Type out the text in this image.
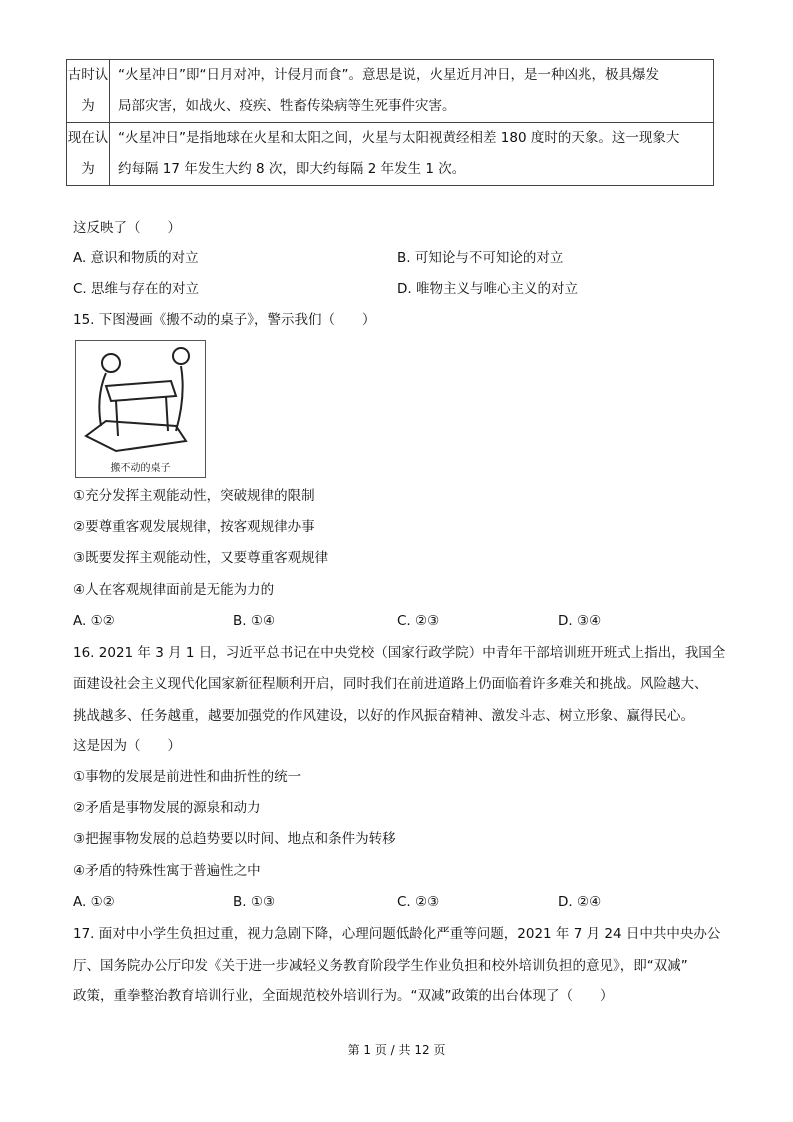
古时认为	“火星冲日”即“日月对冲，计侵月而食”。意思是说，火星近月冲日，是一种凶兆，极具爆发
局部灾害，如战火、疫疾、牲畜传染病等生死事件灾害。

现在认为	“火星冲日”是指地球在火星和太阳之间，火星与太阳视黄经相差 180 度时的天象。这一现象大
约每隔 17 年发生大约 8 次，即大约每隔 2 年发生 1 次。
这反映了（　　）
A. 意识和物质的对立	B. 可知论与不可知论的对立
C. 思维与存在的对立	D. 唯物主义与唯心主义的对立
15. 下图漫画《搬不动的桌子》，警示我们（　　）
搬不动的桌子
①充分发挥主观能动性，突破规律的限制
②要尊重客观发展规律，按客观规律办事
③既要发挥主观能动性，又要尊重客观规律
④人在客观规律面前是无能为力的
A. ①②	B. ①④	C. ②③	D. ③④
16. 2021 年 3 月 1 日，习近平总书记在中央党校（国家行政学院）中青年干部培训班开班式上指出，我国全
面建设社会主义现代化国家新征程顺利开启，同时我们在前进道路上仍面临着许多难关和挑战。风险越大、
挑战越多、任务越重，越要加强党的作风建设，以好的作风振奋精神、激发斗志、树立形象、赢得民心。
这是因为（　　）
①事物的发展是前进性和曲折性的统一
②矛盾是事物发展的源泉和动力
③把握事物发展的总趋势要以时间、地点和条件为转移
④矛盾的特殊性寓于普遍性之中
A. ①②	B. ①③	C. ②③	D. ②④
17. 面对中小学生负担过重，视力急剧下降，心理问题低龄化严重等问题，2021 年 7 月 24 日中共中央办公
厅、国务院办公厅印发《关于进一步减轻义务教育阶段学生作业负担和校外培训负担的意见》，即“双减”
政策，重拳整治教育培训行业，全面规范校外培训行为。“双减”政策的出台体现了（　　）
第 1 页 / 共 12 页
